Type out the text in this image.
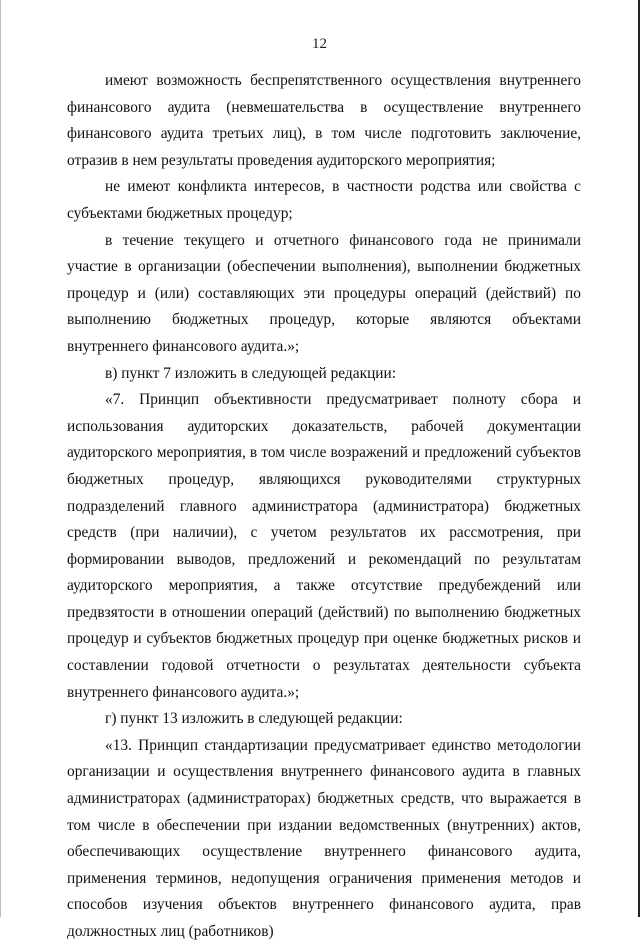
12

имеют возможность беспрепятственного осуществления внутреннего финансового аудита (невмешательства в осуществление внутреннего финансового аудита третьих лиц), в том числе подготовить заключение, отразив в нем результаты проведения аудиторского мероприятия;

не имеют конфликта интересов, в частности родства или свойства с субъектами бюджетных процедур;

в течение текущего и отчетного финансового года не принимали участие в организации (обеспечении выполнения), выполнении бюджетных процедур и (или) составляющих эти процедуры операций (действий) по выполнению бюджетных процедур, которые являются объектами внутреннего финансового аудита.»;

в) пункт 7 изложить в следующей редакции:

«7. Принцип объективности предусматривает полноту сбора и использования аудиторских доказательств, рабочей документации аудиторского мероприятия, в том числе возражений и предложений субъектов бюджетных процедур, являющихся руководителями структурных подразделений главного администратора (администратора) бюджетных средств (при наличии), с учетом результатов их рассмотрения, при формировании выводов, предложений и рекомендаций по результатам аудиторского мероприятия, а также отсутствие предубеждений или предвзятости в отношении операций (действий) по выполнению бюджетных процедур и субъектов бюджетных процедур при оценке бюджетных рисков и составлении годовой отчетности о результатах деятельности субъекта внутреннего финансового аудита.»;

г) пункт 13 изложить в следующей редакции:

«13. Принцип стандартизации предусматривает единство методологии организации и осуществления внутреннего финансового аудита в главных администраторах (администраторах) бюджетных средств, что выражается в том числе в обеспечении при издании ведомственных (внутренних) актов, обеспечивающих осуществление внутреннего финансового аудита, применения терминов, недопущения ограничения применения методов и способов изучения объектов внутреннего финансового аудита, прав должностных лиц (работников)
